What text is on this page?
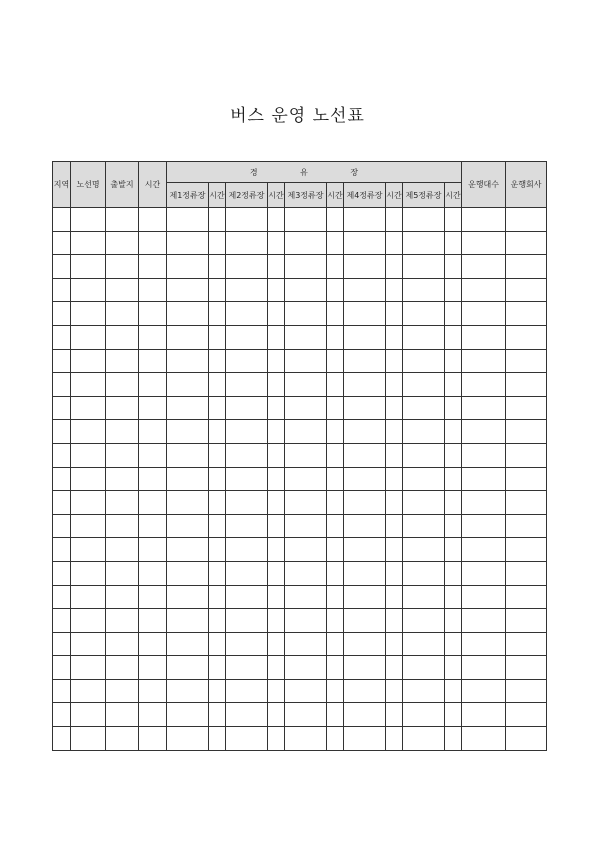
버스 운영 노선표
지역	노선명	출발지	시간	경 유 장										운행대수	운행회사
				제1정류장	시간	제2정류장	시간	제3정류장	시간	제4정류장	시간	제5정류장	시간		
